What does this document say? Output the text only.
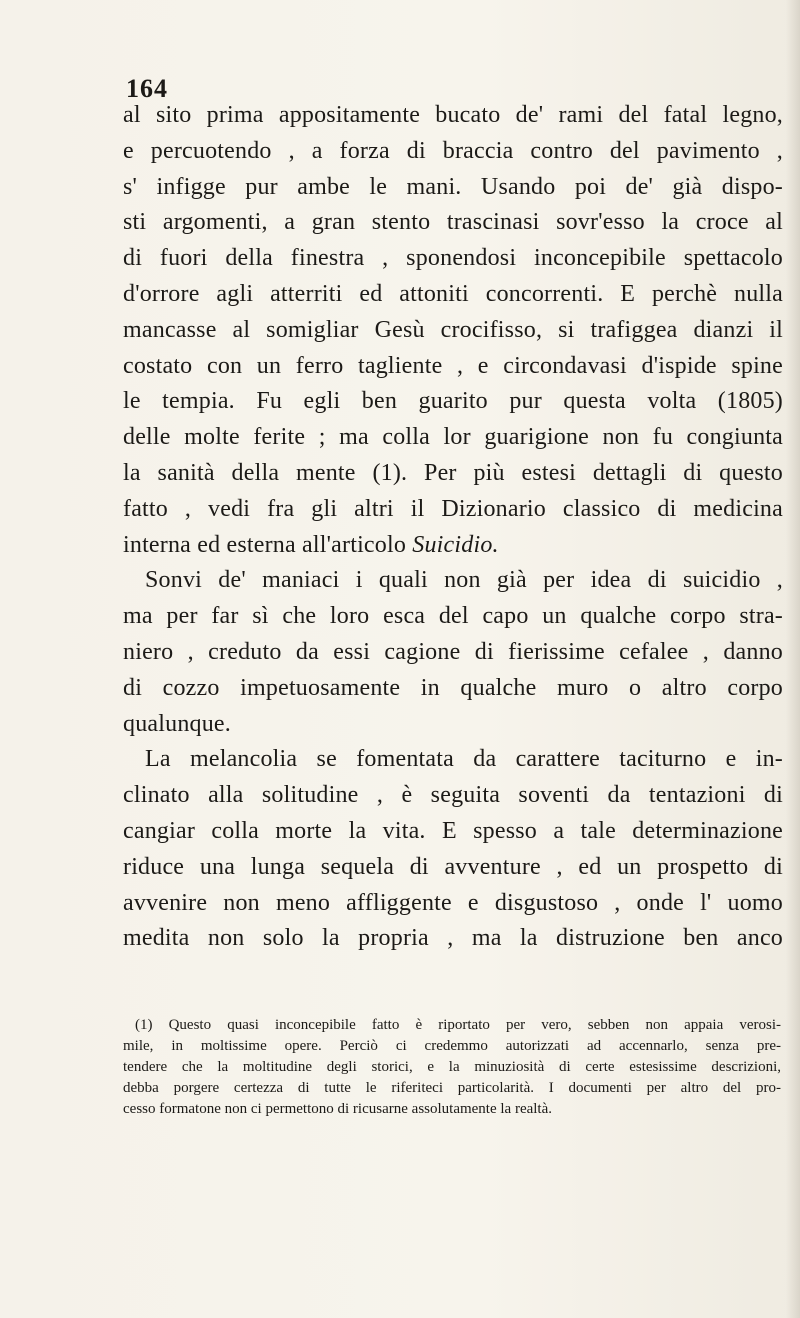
164
al sito prima appositamente bucato de' rami del fatal legno,
e percuotendo , a forza di braccia contro del pavimento ,
s' infigge pur ambe le mani. Usando poi de' già dispo-
sti argomenti, a gran stento trascinasi sovr'esso la croce al
di fuori della finestra , sponendosi inconcepibile spettacolo
d'orrore agli atterriti ed attoniti concorrenti. E perchè nulla
mancasse al somigliar Gesù crocifisso, si trafiggea dianzi il
costato con un ferro tagliente , e circondavasi d'ispide spine
le tempia. Fu egli ben guarito pur questa volta (1805)
delle molte ferite ; ma colla lor guarigione non fu congiunta
la sanità della mente (1). Per più estesi dettagli di questo
fatto , vedi fra gli altri il Dizionario classico di medicina
interna ed esterna all'articolo Suicidio.
Sonvi de' maniaci i quali non già per idea di suicidio ,
ma per far sì che loro esca del capo un qualche corpo stra-
niero , creduto da essi cagione di fierissime cefalee , danno
di cozzo impetuosamente in qualche muro o altro corpo
qualunque.
La melancolia se fomentata da carattere taciturno e in-
clinato alla solitudine , è seguita soventi da tentazioni di
cangiar colla morte la vita. E spesso a tale determinazione
riduce una lunga sequela di avventure , ed un prospetto di
avvenire non meno affliggente e disgustoso , onde l' uomo
medita non solo la propria , ma la distruzione ben anco
(1) Questo quasi inconcepibile fatto è riportato per vero, sebben non appaia verosi-
mile, in moltissime opere. Perciò ci credemmo autorizzati ad accennarlo, senza pre-
tendere che la moltitudine degli storici, e la minuziosità di certe estesissime descrizioni,
debba porgere certezza di tutte le riferiteci particolarità. I documenti per altro del pro-
cesso formatone non ci permettono di ricusarne assolutamente la realtà.
